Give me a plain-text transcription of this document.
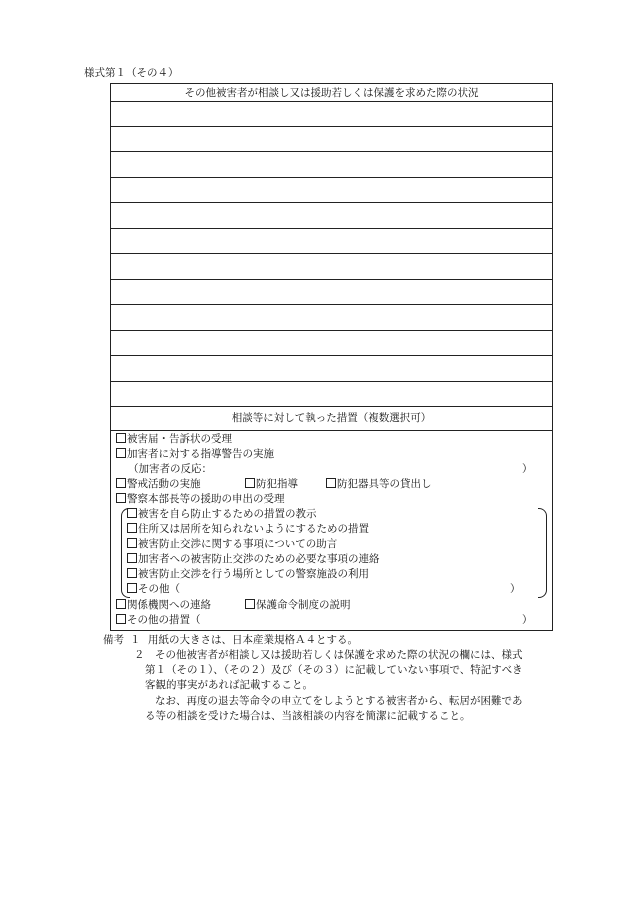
様式第１（その４）
その他被害者が相談し又は援助若しくは保護を求めた際の状況
相談等に対して執った措置（複数選択可）
被害届・告訴状の受理
加害者に対する指導警告の実施
（加害者の反応：	）
警戒活動の実施	防犯指導	防犯器具等の貸出し
警察本部長等の援助の申出の受理
被害を自ら防止するための措置の教示
住所又は居所を知られないようにするための措置
被害防止交渉に関する事項についての助言
加害者への被害防止交渉のための必要な事項の連絡
被害防止交渉を行う場所としての警察施設の利用
その他（	）
関係機関への連絡	保護命令制度の説明
その他の措置（	）
備考 １ 用紙の大きさは、日本産業規格Ａ４とする。
２ その他被害者が相談し又は援助若しくは保護を求めた際の状況の欄には、様式
第１（その１）、（その２）及び（その３）に記載していない事項で、特記すべき
客観的事実があれば記載すること。
なお、再度の退去等命令の申立てをしようとする被害者から、転居が困難であ
る等の相談を受けた場合は、当該相談の内容を簡潔に記載すること。
